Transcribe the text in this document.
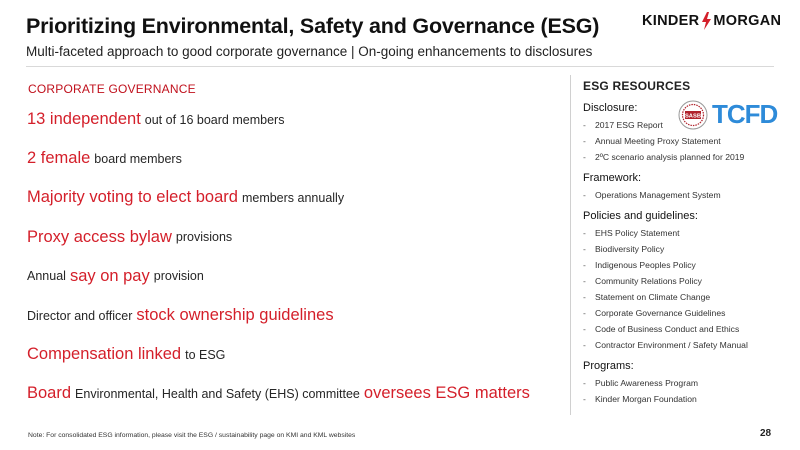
Prioritizing Environmental, Safety and Governance (ESG)	KINDER MORGAN
Multi-faceted approach to good corporate governance | On-going enhancements to disclosures
CORPORATE GOVERNANCE
13 independent out of 16 board members
2 female board members
Majority voting to elect board members annually
Proxy access bylaw provisions
Annual say on pay provision
Director and officer stock ownership guidelines
Compensation linked to ESG
Board Environmental, Health and Safety (EHS) committee oversees ESG matters
SASB TCFD
ESG RESOURCES
Disclosure:
-	2017 ESG Report
-	Annual Meeting Proxy Statement
-	2ºC scenario analysis planned for 2019
Framework:
-	Operations Management System
Policies and guidelines:
-	EHS Policy Statement
-	Biodiversity Policy
-	Indigenous Peoples Policy
-	Community Relations Policy
-	Statement on Climate Change
-	Corporate Governance Guidelines
-	Code of Business Conduct and Ethics
-	Contractor Environment / Safety Manual
Programs:
-	Public Awareness Program
-	Kinder Morgan Foundation
Note: For consolidated ESG information, please visit the ESG / sustainability page on KMI and KML websites	28
